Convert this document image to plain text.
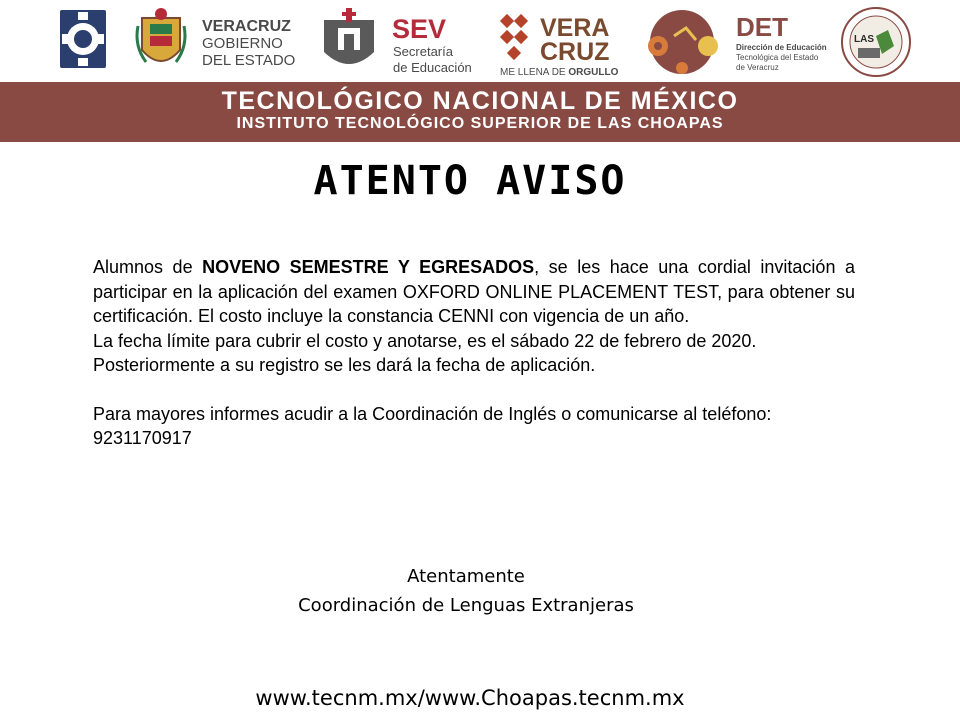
VERACRUZ
GOBIERNO
DEL ESTADO
SEV
Secretaría
de Educación
VERA
CRUZ
ME LLENA DE ORGULLO
DET
Dirección de Educación
Tecnológica del Estado
de Veracruz
LAS
TECNOLÓGICO NACIONAL DE MÉXICO
INSTITUTO TECNOLÓGICO SUPERIOR DE LAS CHOAPAS
ATENTO AVISO

Alumnos de NOVENO SEMESTRE Y EGRESADOS, se les hace una cordial invitación a participar en la aplicación del examen OXFORD ONLINE PLACEMENT TEST, para obtener su certificación. El costo incluye la constancia CENNI con vigencia de un año.

La fecha límite para cubrir el costo y anotarse, es el sábado 22 de febrero de 2020.

Posteriormente a su registro se les dará la fecha de aplicación.

Para mayores informes acudir a la Coordinación de Inglés o comunicarse al teléfono:

9231170917

Atentamente
Coordinación de Lenguas Extranjeras
www.tecnm.mx/www.Choapas.tecnm.mx
